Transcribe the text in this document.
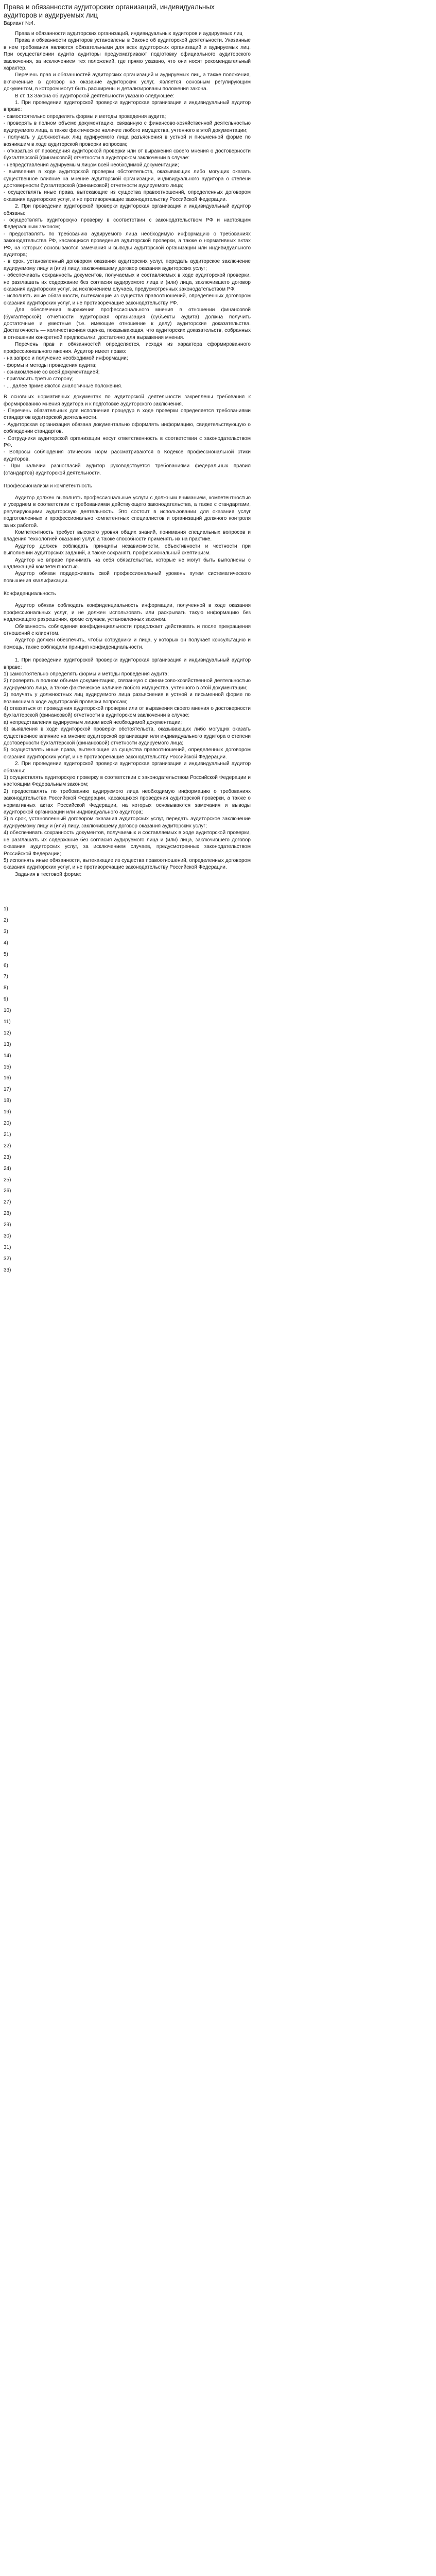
Права и обязанности аудиторских организаций, индивидуальных аудиторов и аудируемых лиц
Вариант №4.

Права и обязанности аудиторских организаций, индивидуальных аудиторов и аудируемых лиц

Права и обязанности аудиторов установлены в Законе об аудиторской деятельности. Указанные в нем требования являются обязательными для всех аудиторских организаций и аудируемых лиц. При осуществлении аудита аудиторы предусматривают подготовку официального аудиторского заключения, за исключением тех положений, где прямо указано, что они носят рекомендательный характер.

Перечень прав и обязанностей аудиторских организаций и аудируемых лиц, а также положения, включенные в договор на оказание аудиторских услуг, является основным регулирующим документом, в котором могут быть расширены и детализированы положения закона.

В ст. 13 Закона об аудиторской деятельности указано следующее:

1. При проведении аудиторской проверки аудиторская организация и индивидуальный аудитор вправе:

- самостоятельно определять формы и методы проведения аудита;

- проверять в полном объеме документацию, связанную с финансово-хозяйственной деятельностью аудируемого лица, а также фактическое наличие любого имущества, учтенного в этой документации;

- получать у должностных лиц аудируемого лица разъяснения в устной и письменной форме по возникшим в ходе аудиторской проверки вопросам;

- отказаться от проведения аудиторской проверки или от выражения своего мнения о достоверности бухгалтерской (финансовой) отчетности в аудиторском заключении в случае:

- непредставления аудируемым лицом всей необходимой документации;

- выявления в ходе аудиторской проверки обстоятельств, оказывающих либо могущих оказать существенное влияние на мнение аудиторской организации, индивидуального аудитора о степени достоверности бухгалтерской (финансовой) отчетности аудируемого лица;

- осуществлять иные права, вытекающие из существа правоотношений, определенных договором оказания аудиторских услуг, и не противоречащие законодательству Российской Федерации.

2. При проведении аудиторской проверки аудиторская организация и индивидуальный аудитор обязаны:

- осуществлять аудиторскую проверку в соответствии с законодательством РФ и настоящим Федеральным законом;

- предоставлять по требованию аудируемого лица необходимую информацию о требованиях законодательства РФ, касающихся проведения аудиторской проверки, а также о нормативных актах РФ, на которых основываются замечания и выводы аудиторской организации или индивидуального аудитора;

- в срок, установленный договором оказания аудиторских услуг, передать аудиторское заключение аудируемому лицу и (или) лицу, заключившему договор оказания аудиторских услуг;

- обеспечивать сохранность документов, получаемых и составляемых в ходе аудиторской проверки, не разглашать их содержание без согласия аудируемого лица и (или) лица, заключившего договор оказания аудиторских услуг, за исключением случаев, предусмотренных законодательством РФ;

- исполнять иные обязанности, вытекающие из существа правоотношений, определенных договором оказания аудиторских услуг, и не противоречащие законодательству РФ.

Для обеспечения выражения профессионального мнения в отношении финансовой (бухгалтерской) отчетности аудиторская организация (субъекты аудита) должна получить достаточные и уместные (т.е. имеющие отношение к делу) аудиторские доказательства. Достаточность — количественная оценка, показывающая, что аудиторских доказательств, собранных в отношении конкретной предпосылки, достаточно для выражения мнения.

Перечень прав и обязанностей определяется, исходя из характера сформированного профессионального мнения. Аудитор имеет право:

- на запрос и получение необходимой информации;

- формы и методы проведения аудита;

- ознакомление со всей документацией;

- пригласить третью сторону;

- ... далее применяются аналогичные положения.

В основных нормативных документах по аудиторской деятельности закреплены требования к формированию мнения аудитора и к подготовке аудиторского заключения.

- Перечень обязательных для исполнения процедур в ходе проверки определяется требованиями стандартов аудиторской деятельности.

- Аудиторская организация обязана документально оформлять информацию, свидетельствующую о соблюдении стандартов.

- Сотрудники аудиторской организации несут ответственность в соответствии с законодательством РФ.

- Вопросы соблюдения этических норм рассматриваются в Кодексе профессиональной этики аудиторов.

- При наличии разногласий аудитор руководствуется требованиями федеральных правил (стандартов) аудиторской деятельности.

Профессионализм и компетентность

Аудитор должен выполнять профессиональные услуги с должным вниманием, компетентностью и усердием в соответствии с требованиями действующего законодательства, а также с стандартами, регулирующими аудиторскую деятельность. Это состоит в использовании для оказания услуг подготовленных и профессионально компетентных специалистов и организаций должного контроля за их работой.

Компетентность требует высокого уровня общих знаний, понимания специальных вопросов и владения технологией оказания услуг, а также способности применять их на практике.

Аудитор должен соблюдать принципы независимости, объективности и честности при выполнении аудиторских заданий, а также сохранять профессиональный скептицизм.

Аудитор не вправе принимать на себя обязательства, которые не могут быть выполнены с надлежащей компетентностью.

Аудитор обязан поддерживать свой профессиональный уровень путем систематического повышения квалификации.

Конфиденциальность

Аудитор обязан соблюдать конфиденциальность информации, полученной в ходе оказания профессиональных услуг, и не должен использовать или раскрывать такую информацию без надлежащего разрешения, кроме случаев, установленных законом.

Обязанность соблюдения конфиденциальности продолжает действовать и после прекращения отношений с клиентом.

Аудитор должен обеспечить, чтобы сотрудники и лица, у которых он получает консультацию и помощь, также соблюдали принцип конфиденциальности.

1. При проведении аудиторской проверки аудиторская организация и индивидуальный аудитор вправе:

1) самостоятельно определять формы и методы проведения аудита;

2) проверять в полном объеме документацию, связанную с финансово-хозяйственной деятельностью аудируемого лица, а также фактическое наличие любого имущества, учтенного в этой документации;

3) получать у должностных лиц аудируемого лица разъяснения в устной и письменной форме по возникшим в ходе аудиторской проверки вопросам;

4) отказаться от проведения аудиторской проверки или от выражения своего мнения о достоверности бухгалтерской (финансовой) отчетности в аудиторском заключении в случае:

а) непредставления аудируемым лицом всей необходимой документации;

б) выявления в ходе аудиторской проверки обстоятельств, оказывающих либо могущих оказать существенное влияние на мнение аудиторской организации или индивидуального аудитора о степени достоверности бухгалтерской (финансовой) отчетности аудируемого лица;

5) осуществлять иные права, вытекающие из существа правоотношений, определенных договором оказания аудиторских услуг, и не противоречащие законодательству Российской Федерации.

2. При проведении аудиторской проверки аудиторская организация и индивидуальный аудитор обязаны:

1) осуществлять аудиторскую проверку в соответствии с законодательством Российской Федерации и настоящим Федеральным законом;

2) предоставлять по требованию аудируемого лица необходимую информацию о требованиях законодательства Российской Федерации, касающихся проведения аудиторской проверки, а также о нормативных актах Российской Федерации, на которых основываются замечания и выводы аудиторской организации или индивидуального аудитора;

3) в срок, установленный договором оказания аудиторских услуг, передать аудиторское заключение аудируемому лицу и (или) лицу, заключившему договор оказания аудиторских услуг;

4) обеспечивать сохранность документов, получаемых и составляемых в ходе аудиторской проверки, не разглашать их содержание без согласия аудируемого лица и (или) лица, заключившего договор оказания аудиторских услуг, за исключением случаев, предусмотренных законодательством Российской Федерации;

5) исполнять иные обязанности, вытекающие из существа правоотношений, определенных договором оказания аудиторских услуг, и не противоречащие законодательству Российской Федерации.

Задания в тестовой форме:

1)
2)
3)
4)
5)
6)
7)
8)
9)
10)
11)
12)
13)
14)
15)
16)
17)
18)
19)
20)
21)
22)
23)
24)
25)
26)
27)
28)
29)
30)
31)
32)
33)
